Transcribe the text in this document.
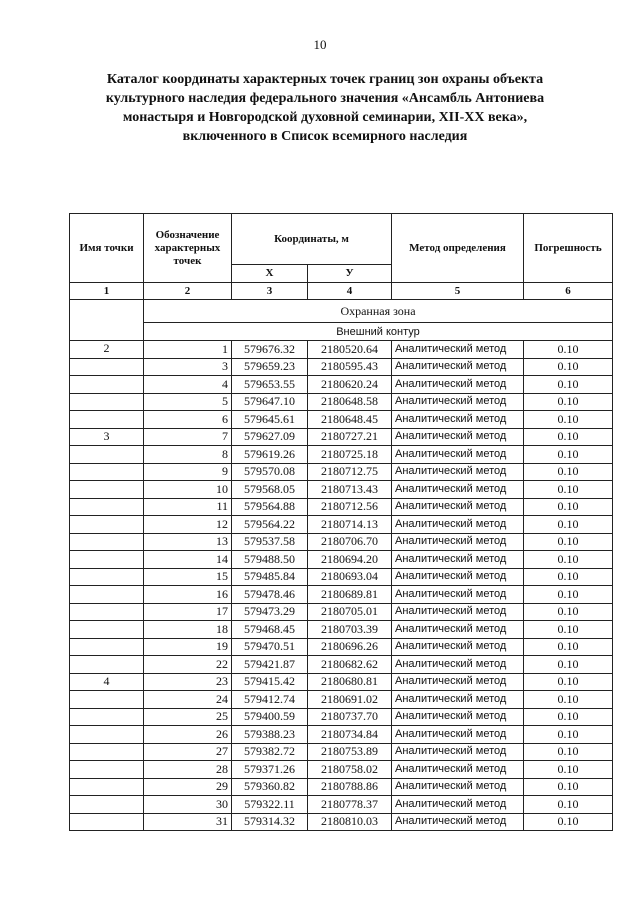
10
Каталог координаты характерных точек границ зон охраны объекта
культурного наследия федерального значения «Ансамбль Антониева
монастыря и Новгородской духовной семинарии, XII-XX века»,
включенного в Список всемирного наследия
Имя точки	Обозначение характерных точек	Координаты, м		Метод определения	Погрешность
		Х	У		
1	2	3	4	5	6
	Охранная зона				
	Внешний контур				
2	1	579676.32	2180520.64	Аналитический метод	0.10
	3	579659.23	2180595.43	Аналитический метод	0.10
	4	579653.55	2180620.24	Аналитический метод	0.10
	5	579647.10	2180648.58	Аналитический метод	0.10
	6	579645.61	2180648.45	Аналитический метод	0.10
3	7	579627.09	2180727.21	Аналитический метод	0.10
	8	579619.26	2180725.18	Аналитический метод	0.10
	9	579570.08	2180712.75	Аналитический метод	0.10
	10	579568.05	2180713.43	Аналитический метод	0.10
	11	579564.88	2180712.56	Аналитический метод	0.10
	12	579564.22	2180714.13	Аналитический метод	0.10
	13	579537.58	2180706.70	Аналитический метод	0.10
	14	579488.50	2180694.20	Аналитический метод	0.10
	15	579485.84	2180693.04	Аналитический метод	0.10
	16	579478.46	2180689.81	Аналитический метод	0.10
	17	579473.29	2180705.01	Аналитический метод	0.10
	18	579468.45	2180703.39	Аналитический метод	0.10
	19	579470.51	2180696.26	Аналитический метод	0.10
	22	579421.87	2180682.62	Аналитический метод	0.10
4	23	579415.42	2180680.81	Аналитический метод	0.10
	24	579412.74	2180691.02	Аналитический метод	0.10
	25	579400.59	2180737.70	Аналитический метод	0.10
	26	579388.23	2180734.84	Аналитический метод	0.10
	27	579382.72	2180753.89	Аналитический метод	0.10
	28	579371.26	2180758.02	Аналитический метод	0.10
	29	579360.82	2180788.86	Аналитический метод	0.10
	30	579322.11	2180778.37	Аналитический метод	0.10
	31	579314.32	2180810.03	Аналитический метод	0.10
